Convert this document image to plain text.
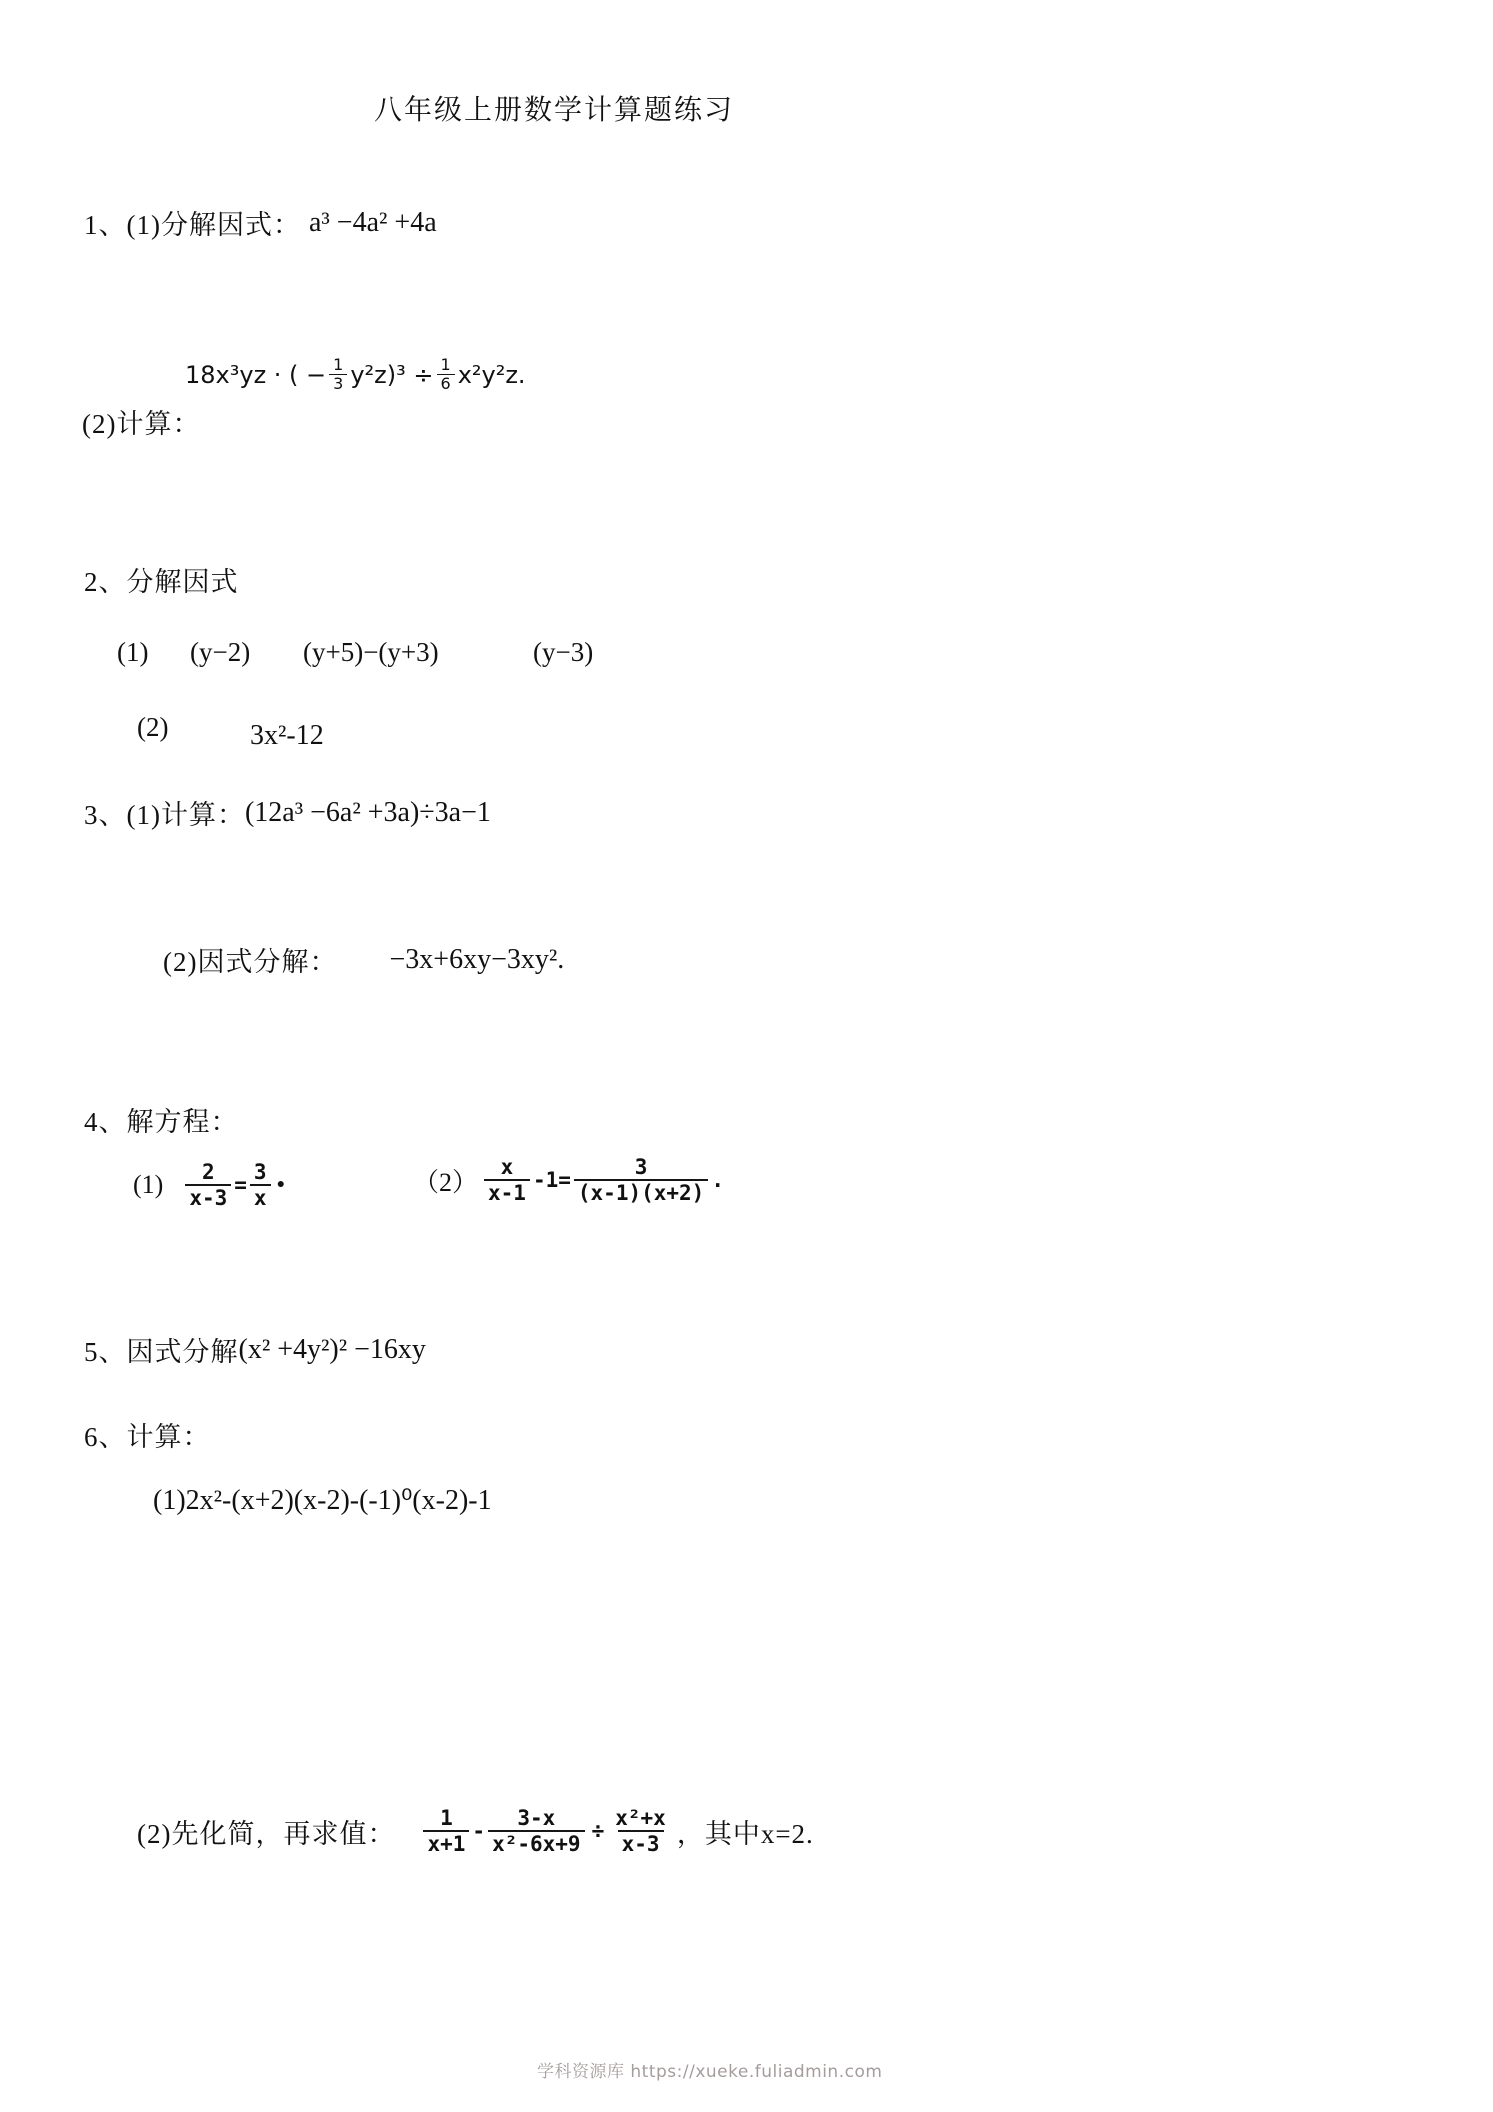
八年级上册数学计算题练习
1、(1)分解因式： a³ −4a² +4a
18x³yz · ( − $\frac{1}{3} y^2z)^3 \div \frac{1}{6} x^2y^2z$.
(2)计算：
2、分解因式
(1) (y−2) (y+5)−(y+3)	(y−3)
(2)	3x²-12
3、(1)计算： (12a³ −6a² +3a)÷3a−1
(2)因式分解： −3x+6xy−3xy².
4、解方程：
$(1) \frac{2}{x-3} = \frac{3}{x}$ ●	$(2) \frac{x}{x-1} -1= \frac{3}{(x-1)(x+2)}$ .
5、因式分解 (x² +4y²)² −16xy
6、计算：
(1)2x²-(x+2)(x-2)-(-1)⁰(x-2)-1
(2)先化简，再求值： $\frac{1}{x+1} - \frac{3-x}{\text{x²-6x+9}} \div \frac{\text{x²+x}}{x-3}$ ，其中x=2.
学科资源库 https://xueke.fuliadmin.com
